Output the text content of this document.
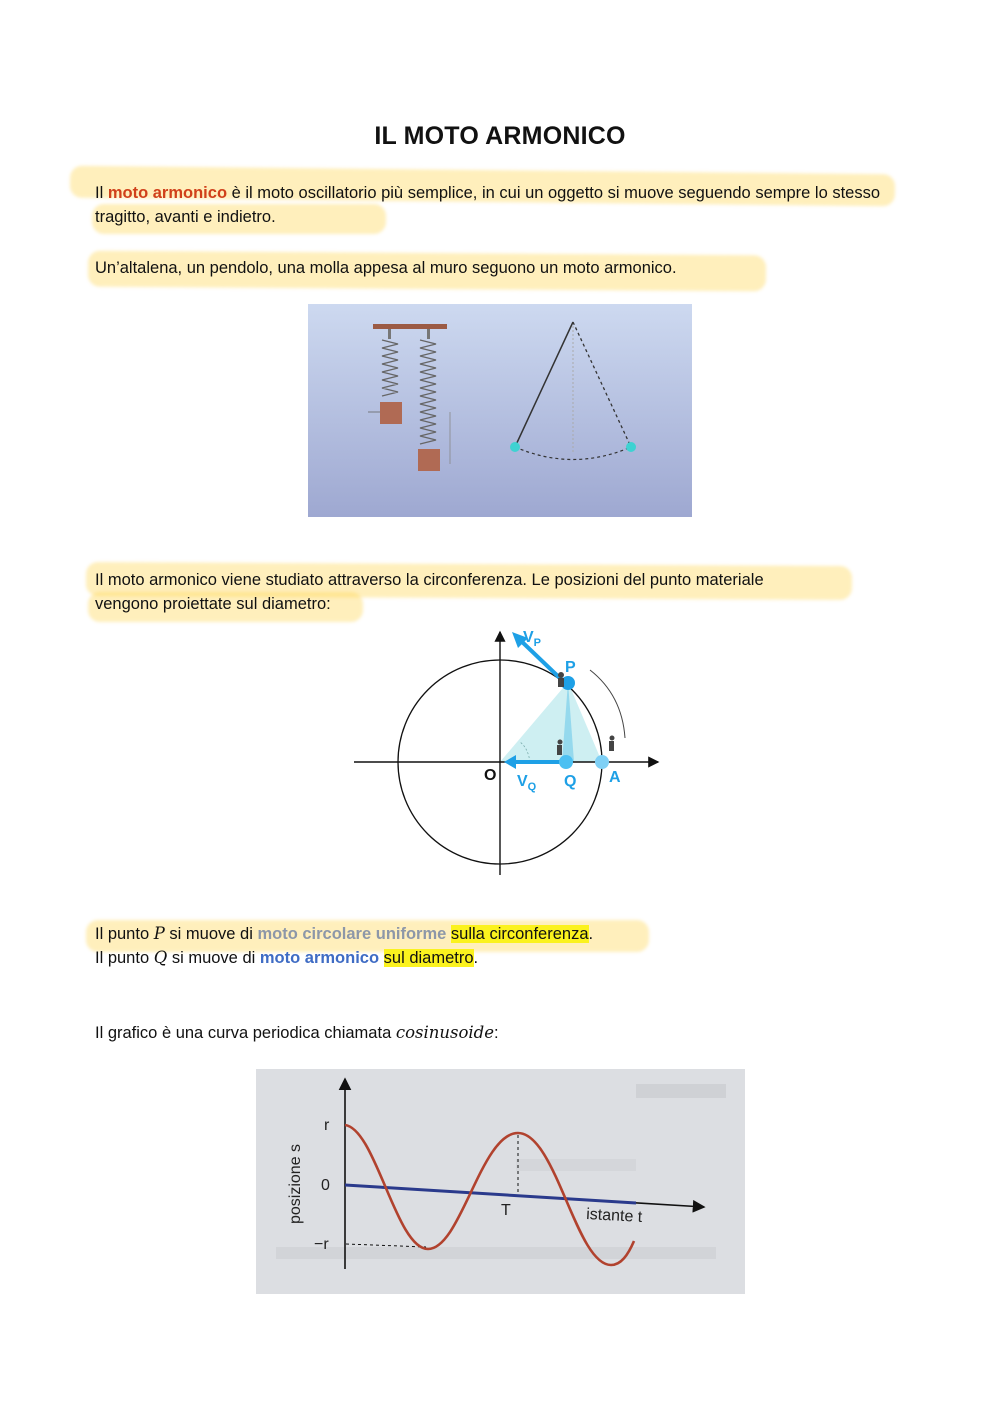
IL MOTO ARMONICO
Il moto armonico è il moto oscillatorio più semplice, in cui un oggetto si muove seguendo sempre lo stesso tragitto, avanti e indietro.
Un’altalena, un pendolo, una molla appesa al muro seguono un moto armonico.
Il moto armonico viene studiato attraverso la circonferenza. Le posizioni del punto materiale
vengono proiettate sul diametro:
$V_P$
P
O $V_Q$ Q A
Il punto P si muove di moto circolare uniforme sulla circonferenza.
Il punto Q si muove di moto armonico sul diametro.
Il grafico è una curva periodica chiamata cosinusoide:
posizione s
r
0
−r
T	istante t
